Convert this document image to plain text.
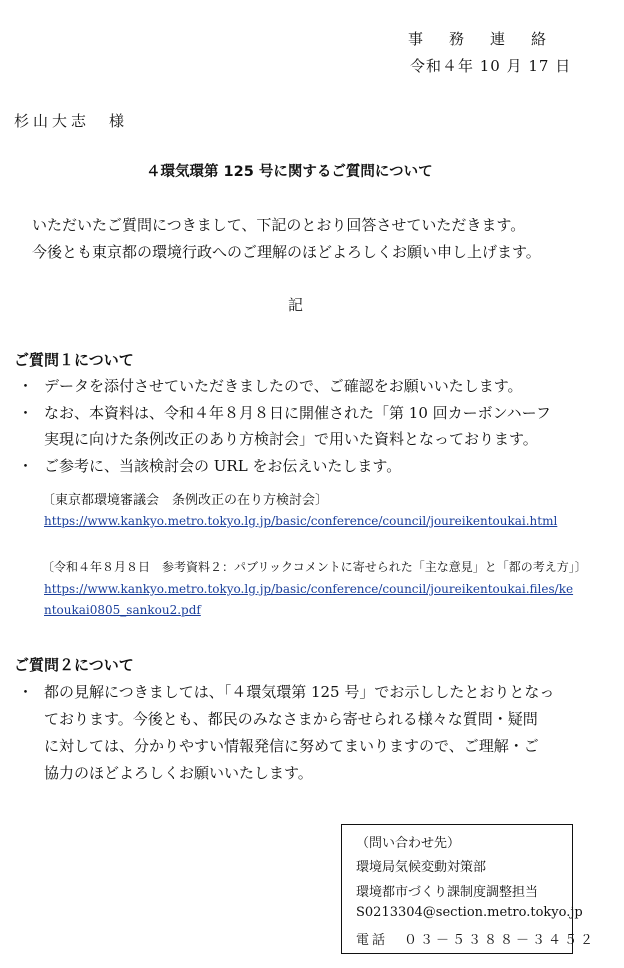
事務連絡
令和４年 10 月 17 日
杉山大志　様
４環気環第 125 号に関するご質問について
いただいたご質問につきまして、下記のとおり回答させていただきます。
今後とも東京都の環境行政へのご理解のほどよろしくお願い申し上げます。
記
ご質問１について
・ データを添付させていただきましたので、ご確認をお願いいたします。
・ なお、本資料は、令和４年８月８日に開催された「第 10 回カーボンハーフ
実現に向けた条例改正のあり方検討会」で用いた資料となっております。
・ ご参考に、当該検討会の URL をお伝えいたします。
〔東京都環境審議会　条例改正の在り方検討会〕
https://www.kankyo.metro.tokyo.lg.jp/basic/conference/council/joureikentoukai.html
〔令和４年８月８日　参考資料２：パブリックコメントに寄せられた「主な意見」と「都の考え方」〕
https://www.kankyo.metro.tokyo.lg.jp/basic/conference/council/joureikentoukai.files/ke
ntoukai0805_sankou2.pdf
ご質問２について
・ 都の見解につきましては、「４環気環第 125 号」でお示ししたとおりとなっ
ております。今後とも、都民のみなさまから寄せられる様々な質問・疑問
に対しては、分かりやすい情報発信に努めてまいりますので、ご理解・ご
協力のほどよろしくお願いいたします。
（問い合わせ先）
環境局気候変動対策部
環境都市づくり課制度調整担当
S0213304@section.metro.tokyo.jp
電話　０３－５３８８－３４５２
